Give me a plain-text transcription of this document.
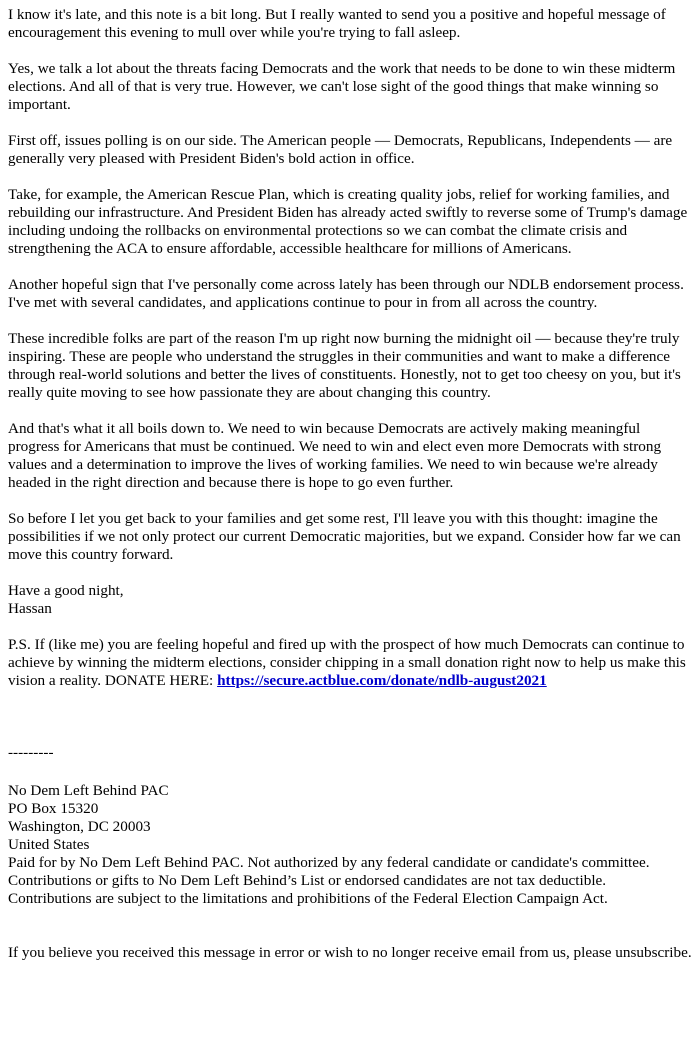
I know it's late, and this note is a bit long. But I really wanted to send you a positive and hopeful message of encouragement this evening to mull over while you're trying to fall asleep.

Yes, we talk a lot about the threats facing Democrats and the work that needs to be done to win these midterm elections. And all of that is very true. However, we can't lose sight of the good things that make winning so important.

First off, issues polling is on our side. The American people — Democrats, Republicans, Independents — are generally very pleased with President Biden's bold action in office.

Take, for example, the American Rescue Plan, which is creating quality jobs, relief for working families, and rebuilding our infrastructure. And President Biden has already acted swiftly to reverse some of Trump's damage including undoing the rollbacks on environmental protections so we can combat the climate crisis and strengthening the ACA to ensure affordable, accessible healthcare for millions of Americans.

Another hopeful sign that I've personally come across lately has been through our NDLB endorsement process. I've met with several candidates, and applications continue to pour in from all across the country.

These incredible folks are part of the reason I'm up right now burning the midnight oil — because they're truly inspiring. These are people who understand the struggles in their communities and want to make a difference through real-world solutions and better the lives of constituents. Honestly, not to get too cheesy on you, but it's really quite moving to see how passionate they are about changing this country.

And that's what it all boils down to. We need to win because Democrats are actively making meaningful progress for Americans that must be continued. We need to win and elect even more Democrats with strong values and a determination to improve the lives of working families. We need to win because we're already headed in the right direction and because there is hope to go even further.

So before I let you get back to your families and get some rest, I'll leave you with this thought: imagine the possibilities if we not only protect our current Democratic majorities, but we expand. Consider how far we can move this country forward.

Have a good night,
Hassan

P.S. If (like me) you are feeling hopeful and fired up with the prospect of how much Democrats can continue to achieve by winning the midterm elections, consider chipping in a small donation right now to help us make this vision a reality. DONATE HERE: https://secure.actblue.com/donate/ndlb-august2021

---------
No Dem Left Behind PAC
PO Box 15320
Washington, DC 20003
United States
Paid for by No Dem Left Behind PAC. Not authorized by any federal candidate or candidate's committee.
Contributions or gifts to No Dem Left Behind’s List or endorsed candidates are not tax deductible.
Contributions are subject to the limitations and prohibitions of the Federal Election Campaign Act.
If you believe you received this message in error or wish to no longer receive email from us, please unsubscribe.
